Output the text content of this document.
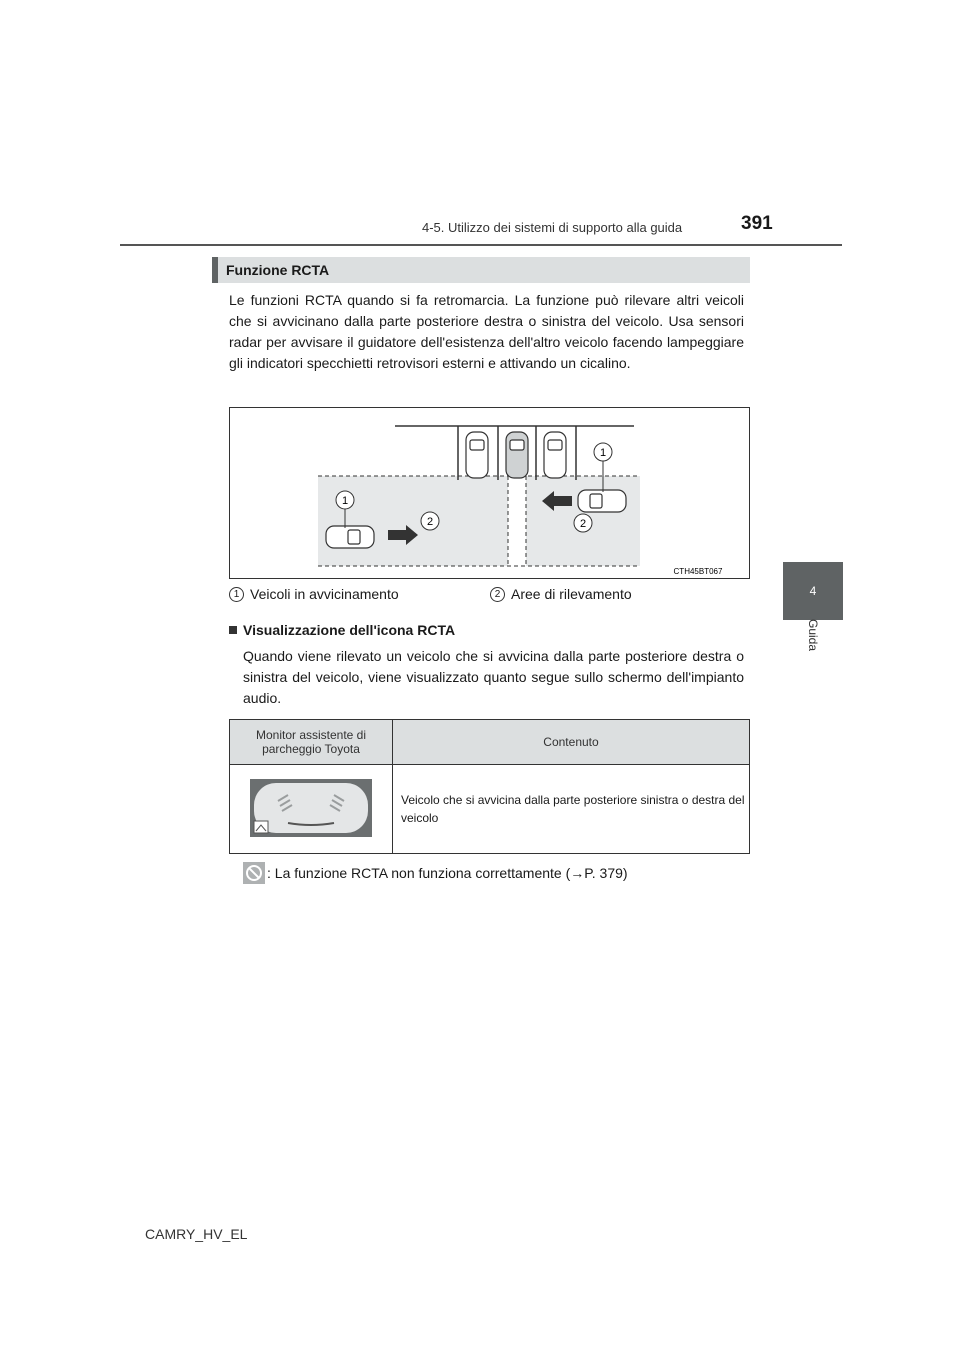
4-5. Utilizzo dei sistemi di supporto alla guida	391
4
Guida
Funzione RCTA
Le funzioni RCTA quando si fa retromarcia. La funzione può rilevare altri veicoli che si avvicinano dalla parte posteriore destra o sinistra del veicolo. Usa sensori radar per avvisare il guidatore dell'esistenza dell'altro veicolo facendo lampeggiare gli indicatori specchietti retrovisori esterni e attivando un cicalino.
1
1
2	2
CTH45BT067
1 Veicoli in avvicinamento	2 Aree di rilevamento
Visualizzazione dell'icona RCTA
Quando viene rilevato un veicolo che si avvicina dalla parte posteriore destra o sinistra del veicolo, viene visualizzato quanto segue sullo schermo dell'impianto audio.
Monitor assistente di parcheggio Toyota	Contenuto
	Veicolo che si avvicina dalla parte posteriore sinistra o destra del veicolo
: La funzione RCTA non funziona correttamente (→P. 379)
CAMRY_HV_EL
